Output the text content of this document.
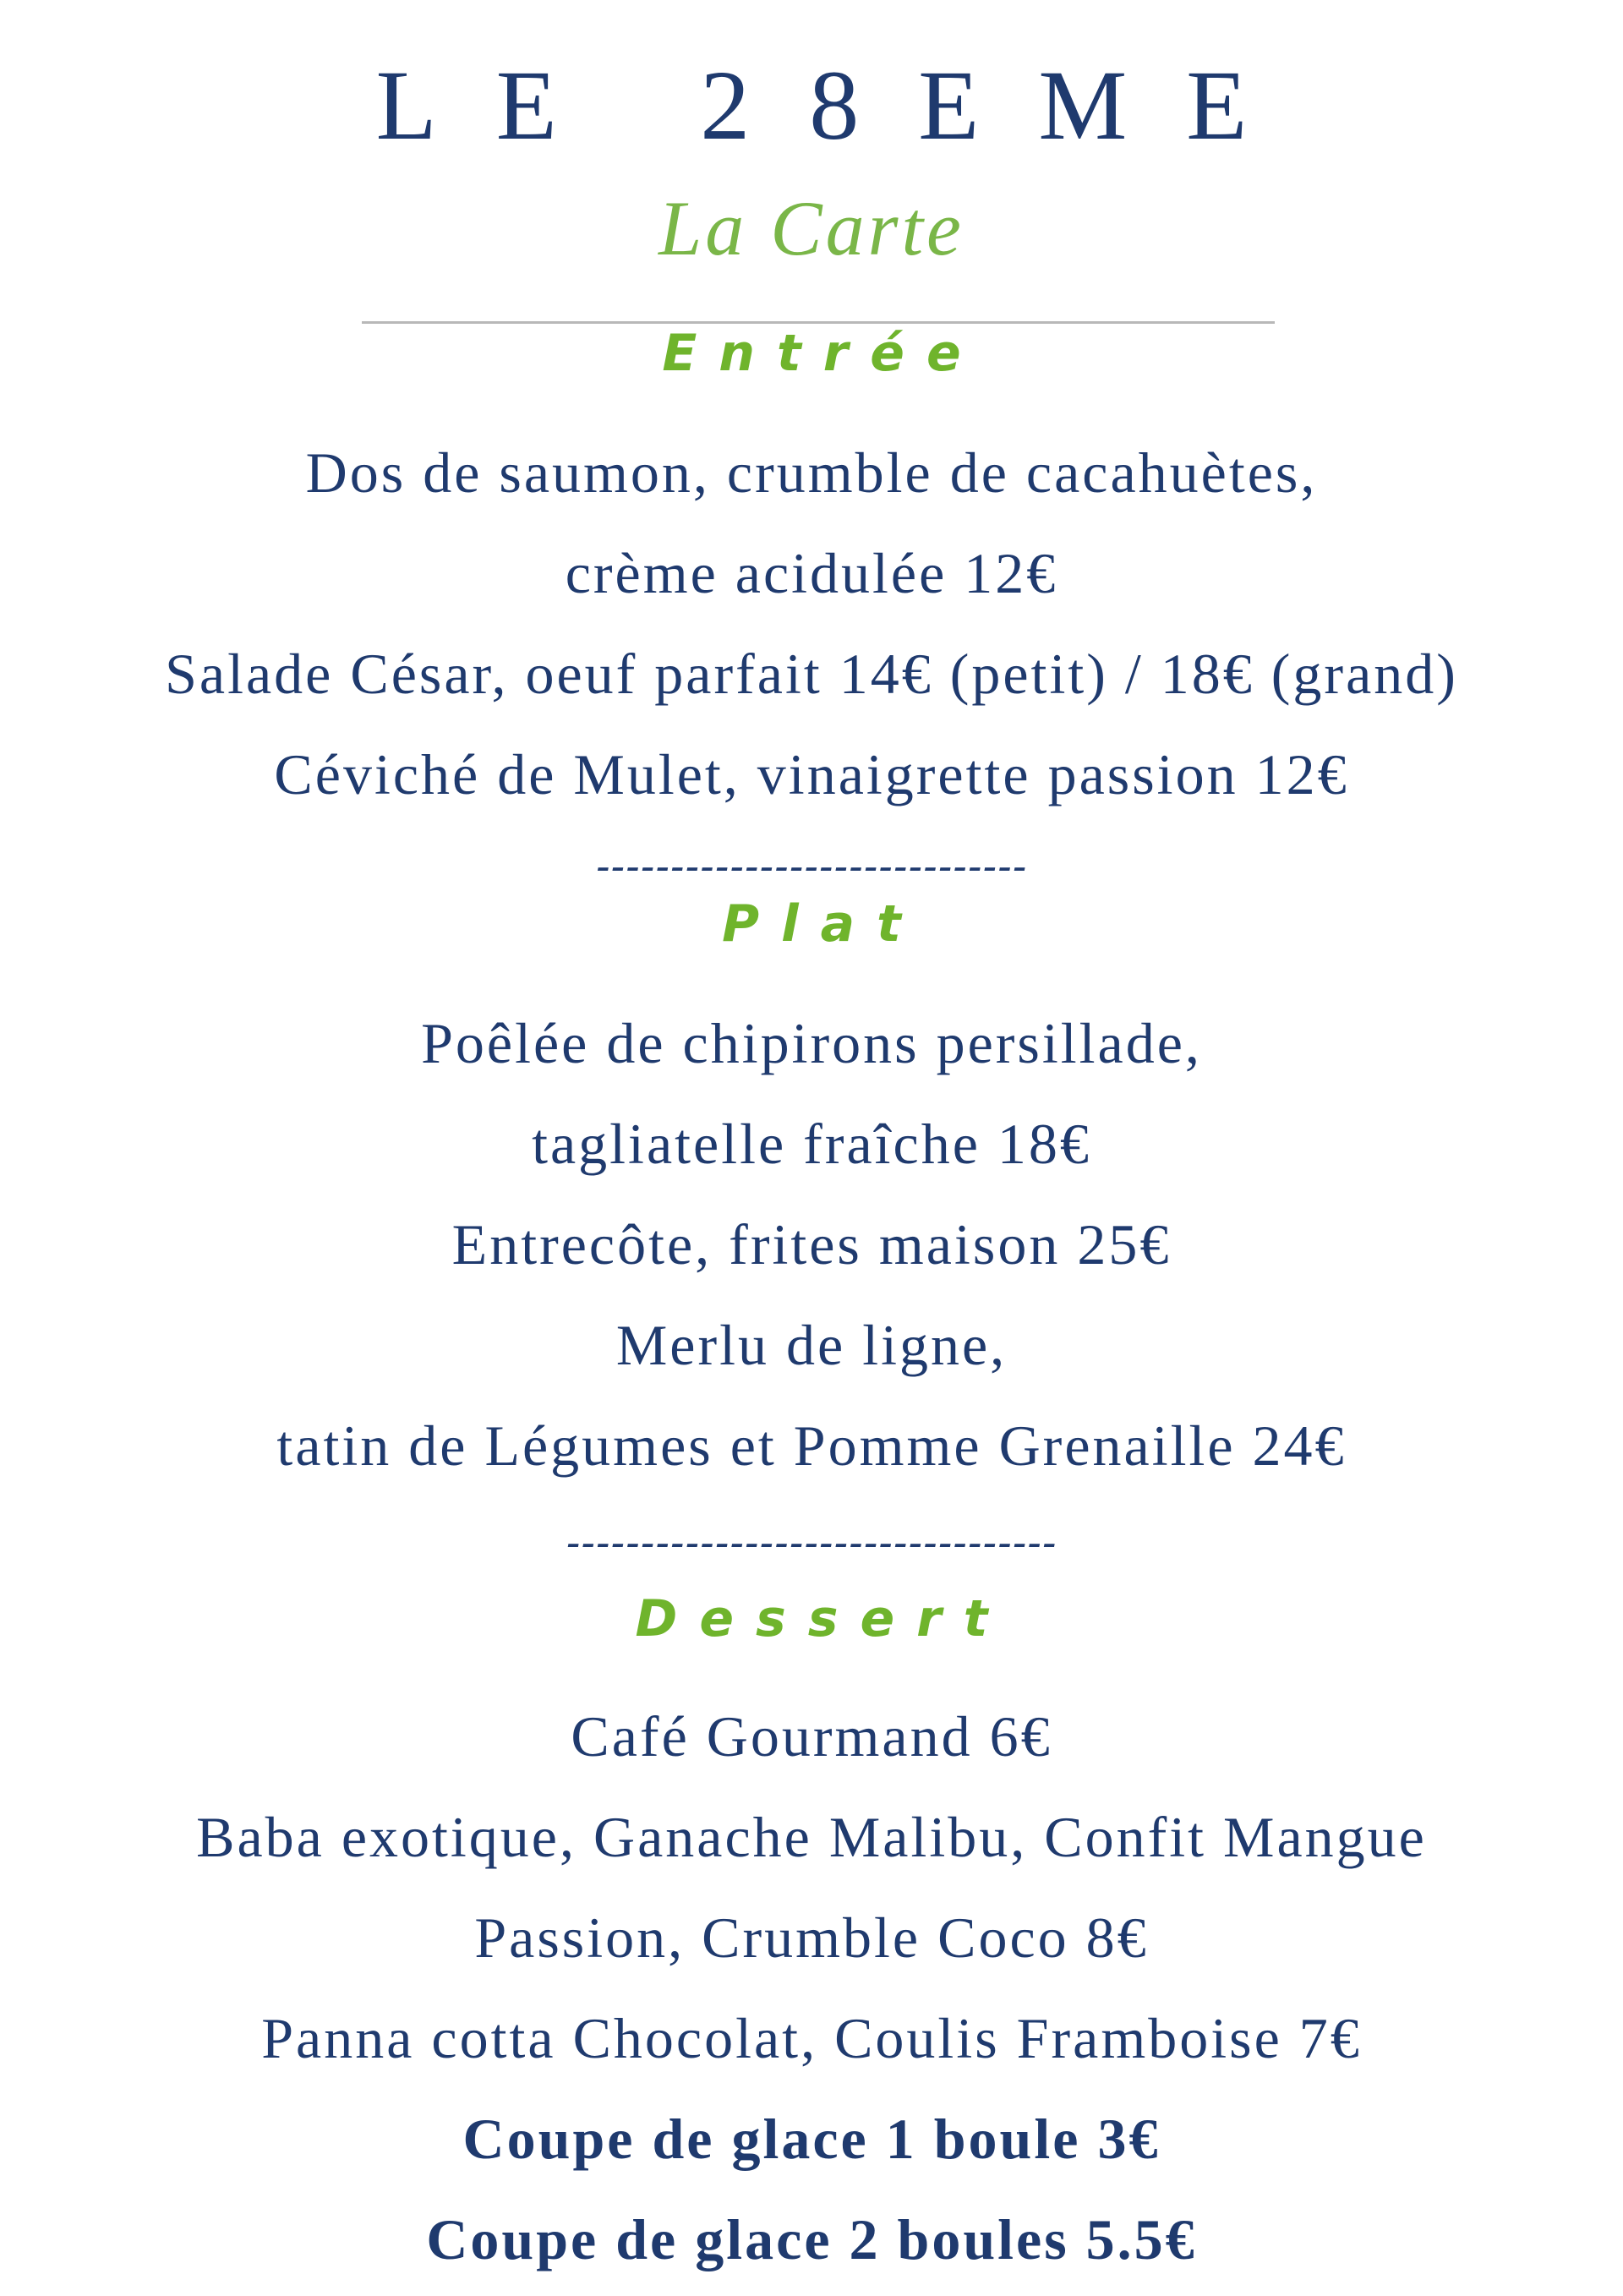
LE 28EME
La Carte
Entrée
Dos de saumon, crumble de cacahuètes,
crème acidulée 12€
Salade César, oeuf parfait 14€ (petit) / 18€ (grand)
Céviché de Mulet, vinaigrette passion 12€
-----------------------------
Plat
Poêlée de chipirons persillade,
tagliatelle fraîche 18€
Entrecôte, frites maison 25€
Merlu de ligne,
tatin de Légumes et Pomme Grenaille 24€
---------------------------------
Dessert
Café Gourmand 6€
Baba exotique, Ganache Malibu, Confit Mangue
Passion, Crumble Coco 8€
Panna cotta Chocolat, Coulis Framboise 7€
Coupe de glace 1 boule 3€
Coupe de glace 2 boules 5.5€
